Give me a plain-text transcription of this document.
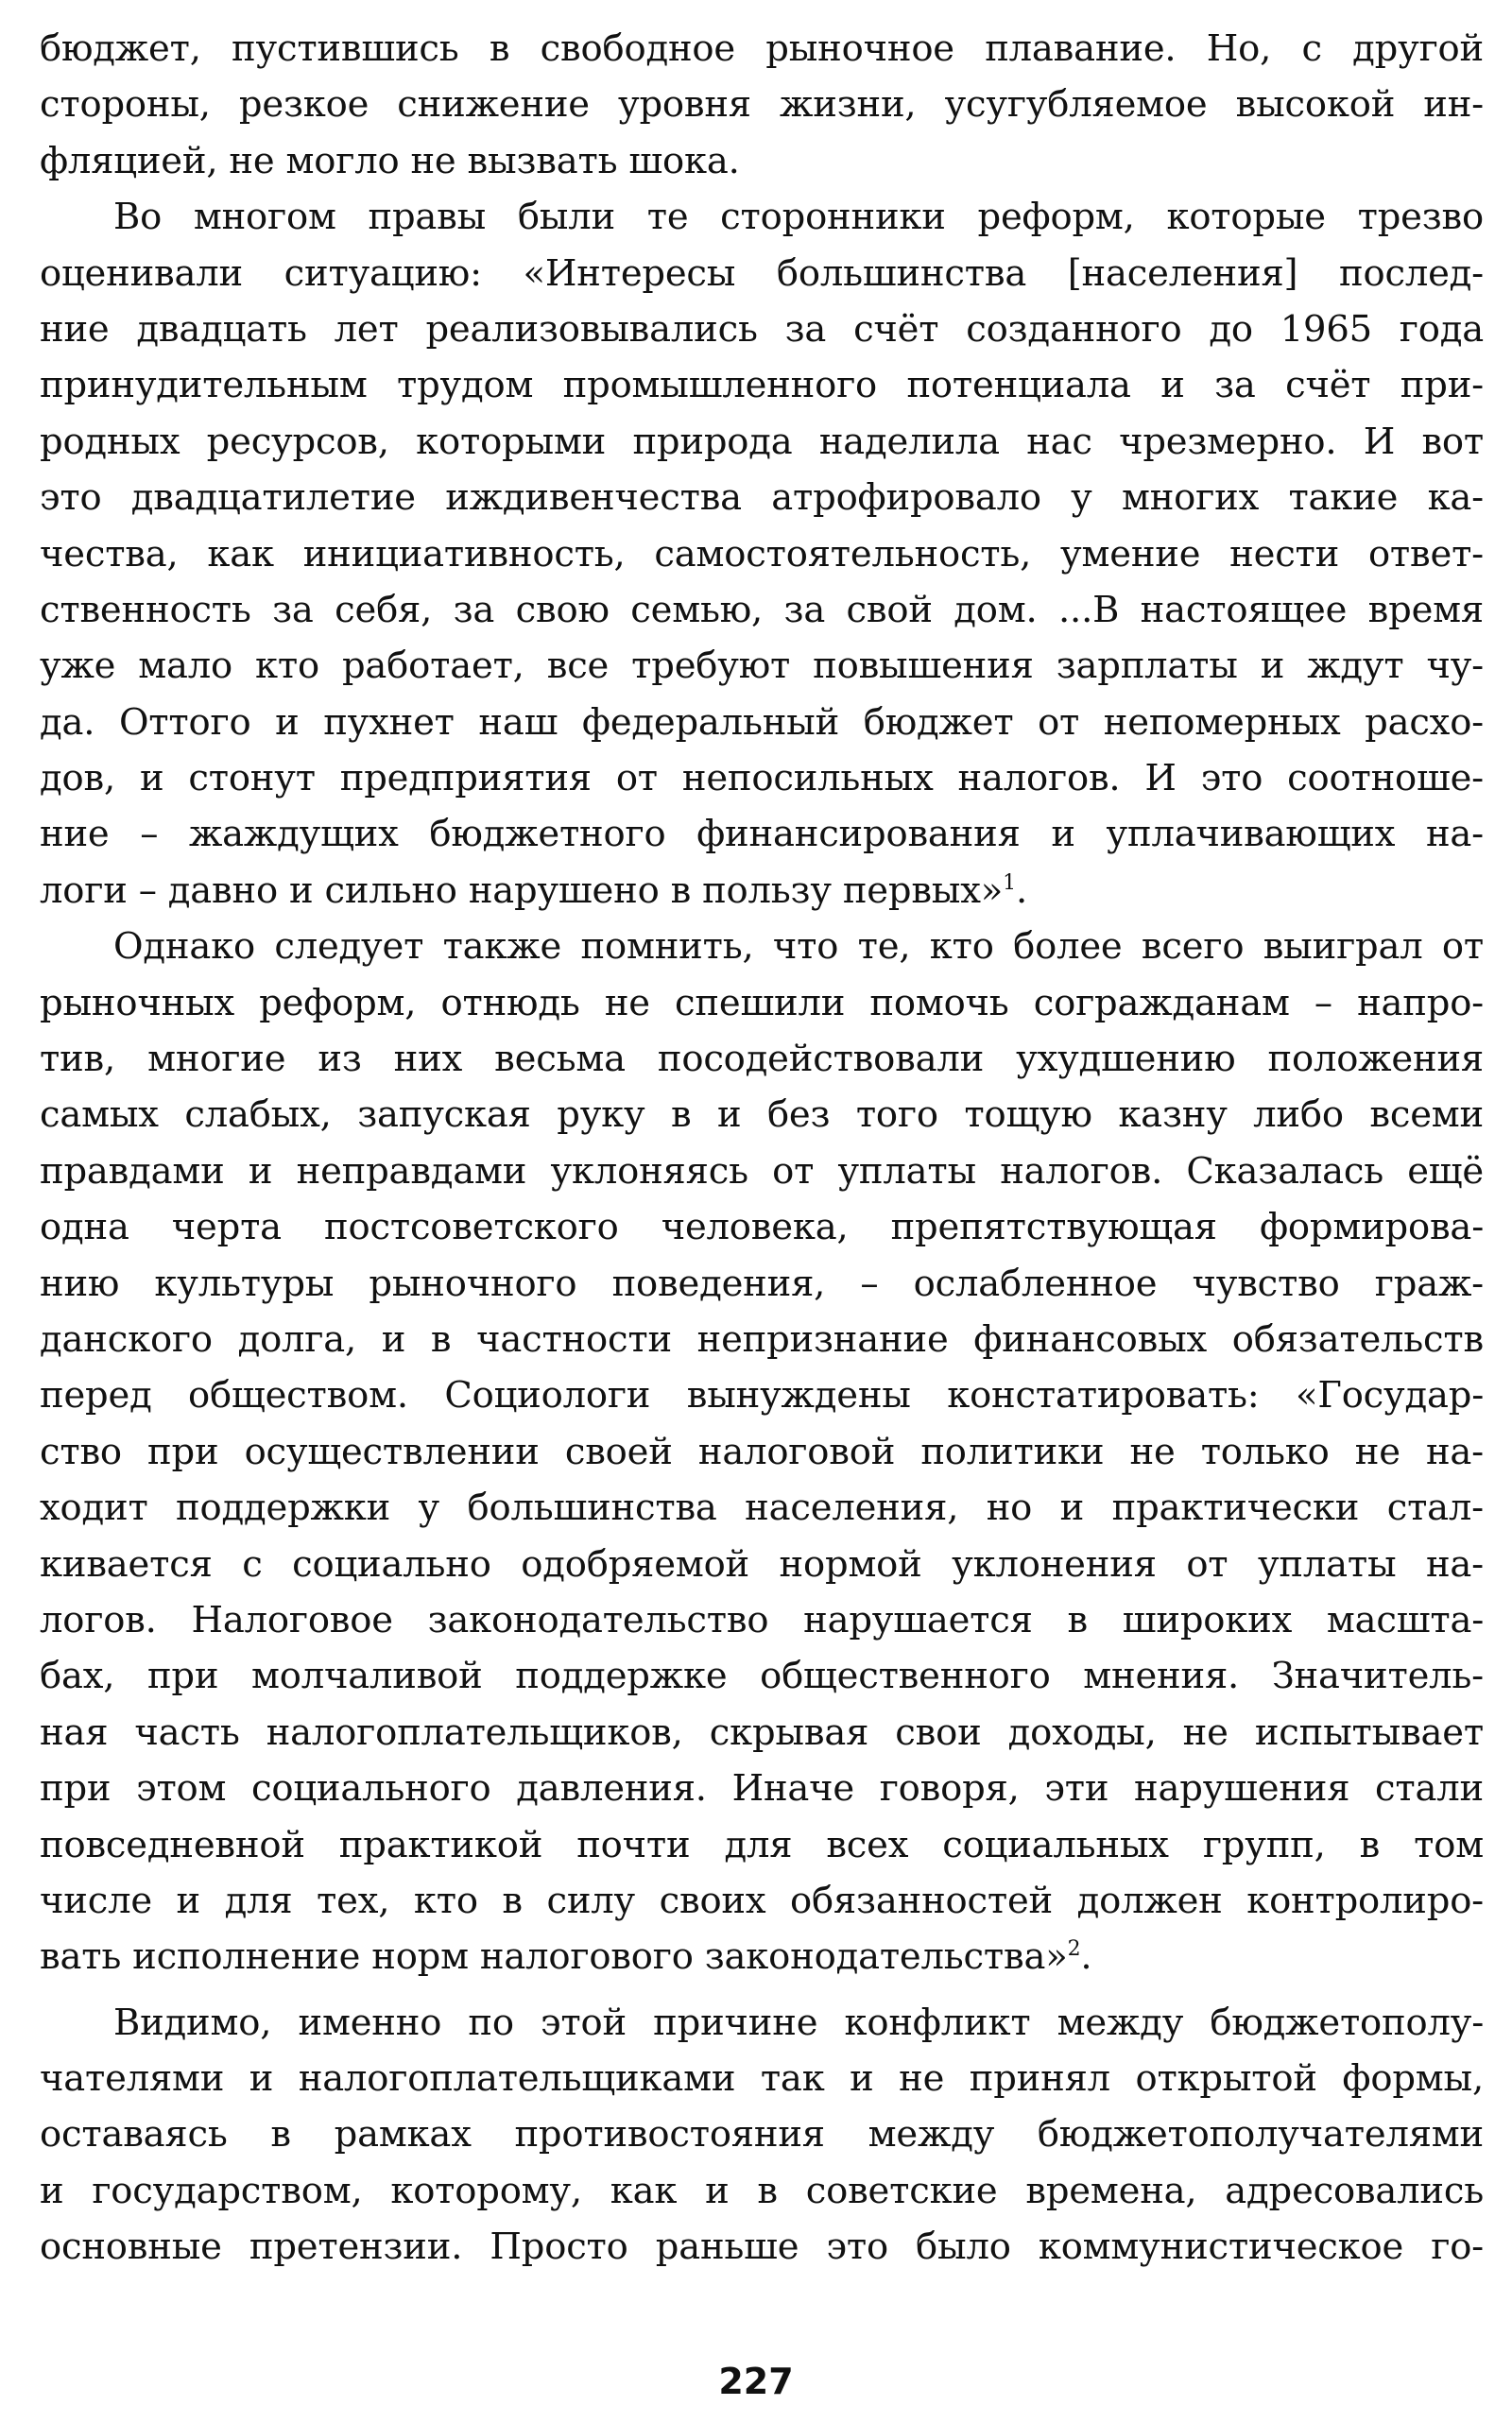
бюджет, пустившись в свободное рыночное плавание. Но, с другой
стороны, резкое снижение уровня жизни, усугубляемое высокой ин-
фляцией, не могло не вызвать шока.
Во многом правы были те сторонники реформ, которые трезво
оценивали ситуацию: «Интересы большинства [населения] послед-
ние двадцать лет реализовывались за счёт созданного до 1965 года
принудительным трудом промышленного потенциала и за счёт при-
родных ресурсов, которыми природа наделила нас чрезмерно. И вот
это двадцатилетие иждивенчества атрофировало у многих такие ка-
чества, как инициативность, самостоятельность, умение нести ответ-
ственность за себя, за свою семью, за свой дом. ...В настоящее время
уже мало кто работает, все требуют повышения зарплаты и ждут чу-
да. Оттого и пухнет наш федеральный бюджет от непомерных расхо-
дов, и стонут предприятия от непосильных налогов. И это соотноше-
ние – жаждущих бюджетного финансирования и уплачивающих на-
логи – давно и сильно нарушено в пользу первых»$^1$.
Однако следует также помнить, что те, кто более всего выиграл от
рыночных реформ, отнюдь не спешили помочь согражданам – напро-
тив, многие из них весьма посодействовали ухудшению положения
самых слабых, запуская руку в и без того тощую казну либо всеми
правдами и неправдами уклоняясь от уплаты налогов. Сказалась ещё
одна черта постсоветского человека, препятствующая формирова-
нию культуры рыночного поведения, – ослабленное чувство граж-
данского долга, и в частности непризнание финансовых обязательств
перед обществом. Социологи вынуждены констатировать: «Государ-
ство при осуществлении своей налоговой политики не только не на-
ходит поддержки у большинства населения, но и практически стал-
кивается с социально одобряемой нормой уклонения от уплаты на-
логов. Налоговое законодательство нарушается в широких масшта-
бах, при молчаливой поддержке общественного мнения. Значитель-
ная часть налогоплательщиков, скрывая свои доходы, не испытывает
при этом социального давления. Иначе говоря, эти нарушения стали
повседневной практикой почти для всех социальных групп, в том
числе и для тех, кто в силу своих обязанностей должен контролиро-
вать исполнение норм налогового законодательства»$^2$.
Видимо, именно по этой причине конфликт между бюджетополу-
чателями и налогоплательщиками так и не принял открытой формы,
оставаясь в рамках противостояния между бюджетополучателями
и государством, которому, как и в советские времена, адресовались
основные претензии. Просто раньше это было коммунистическое го-
227
